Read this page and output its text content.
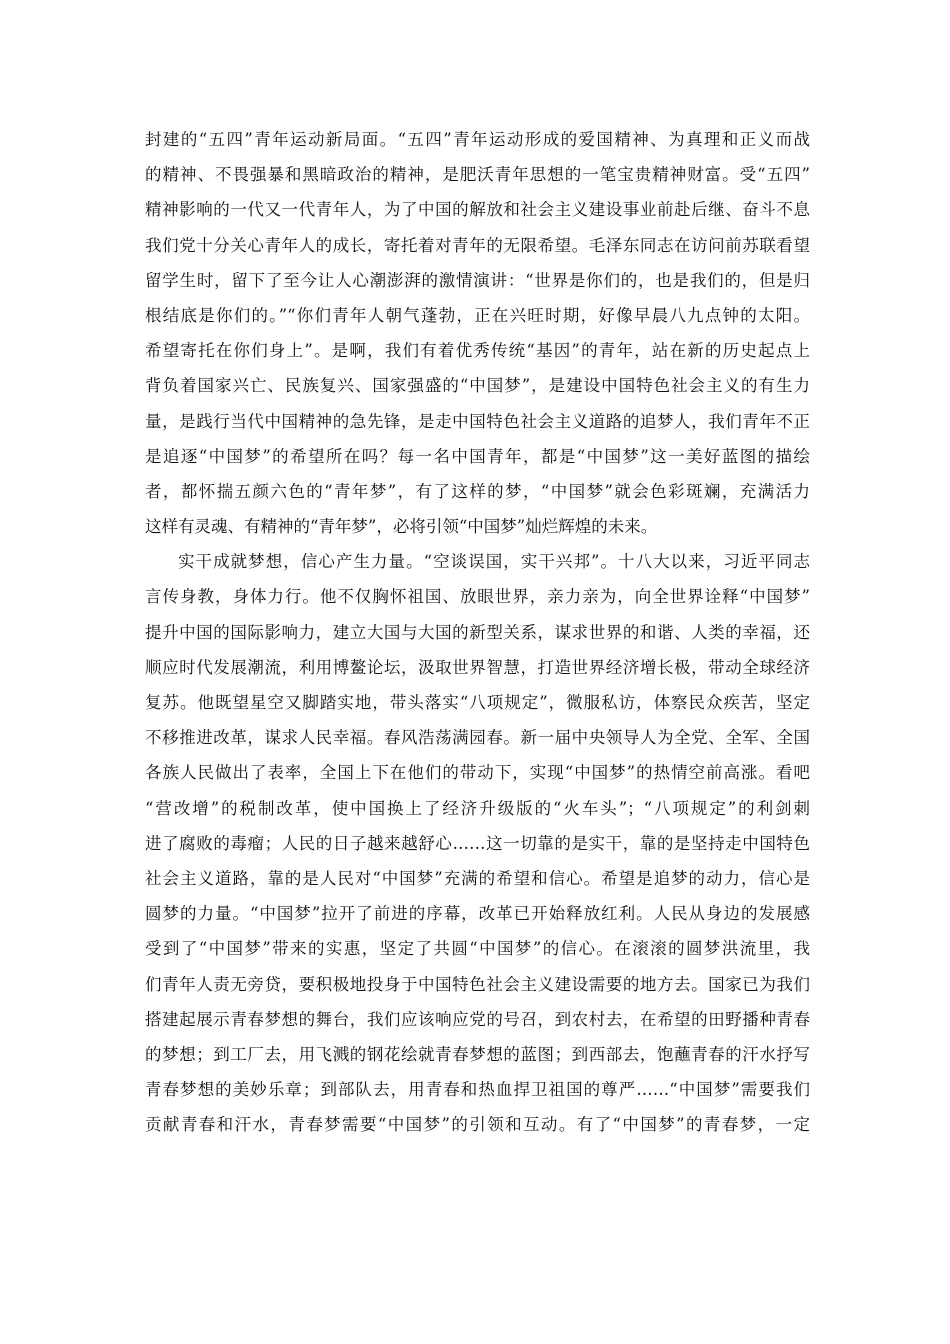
封建的“五四”青年运动新局面。“五四”青年运动形成的爱国精神、为真理和正义而战
的精神、不畏强暴和黑暗政治的精神，是肥沃青年思想的一笔宝贵精神财富。受“五四”
精神影响的一代又一代青年人，为了中国的解放和社会主义建设事业前赴后继、奋斗不息
我们党十分关心青年人的成长，寄托着对青年的无限希望。毛泽东同志在访问前苏联看望
留学生时，留下了至今让人心潮澎湃的激情演讲：“世界是你们的，也是我们的，但是归
根结底是你们的。”“你们青年人朝气蓬勃，正在兴旺时期，好像早晨八九点钟的太阳。
希望寄托在你们身上”。是啊，我们有着优秀传统“基因”的青年，站在新的历史起点上
背负着国家兴亡、民族复兴、国家强盛的“中国梦”，是建设中国特色社会主义的有生力
量，是践行当代中国精神的急先锋，是走中国特色社会主义道路的追梦人，我们青年不正
是追逐“中国梦”的希望所在吗？每一名中国青年，都是“中国梦”这一美好蓝图的描绘
者，都怀揣五颜六色的“青年梦”，有了这样的梦，“中国梦”就会色彩斑斓，充满活力
这样有灵魂、有精神的“青年梦”，必将引领“中国梦”灿烂辉煌的未来。
实干成就梦想，信心产生力量。“空谈误国，实干兴邦”。十八大以来，习近平同志
言传身教，身体力行。他不仅胸怀祖国、放眼世界，亲力亲为，向全世界诠释“中国梦”
提升中国的国际影响力，建立大国与大国的新型关系，谋求世界的和谐、人类的幸福，还
顺应时代发展潮流，利用博鳌论坛，汲取世界智慧，打造世界经济增长极，带动全球经济
复苏。他既望星空又脚踏实地，带头落实“八项规定”，微服私访，体察民众疾苦，坚定
不移推进改革，谋求人民幸福。春风浩荡满园春。新一届中央领导人为全党、全军、全国
各族人民做出了表率，全国上下在他们的带动下，实现“中国梦”的热情空前高涨。看吧
“营改增”的税制改革，使中国换上了经济升级版的“火车头”；“八项规定”的利剑刺
进了腐败的毒瘤；人民的日子越来越舒心……这一切靠的是实干，靠的是坚持走中国特色
社会主义道路，靠的是人民对“中国梦”充满的希望和信心。希望是追梦的动力，信心是
圆梦的力量。“中国梦”拉开了前进的序幕，改革已开始释放红利。人民从身边的发展感
受到了“中国梦”带来的实惠，坚定了共圆“中国梦”的信心。在滚滚的圆梦洪流里，我
们青年人责无旁贷，要积极地投身于中国特色社会主义建设需要的地方去。国家已为我们
搭建起展示青春梦想的舞台，我们应该响应党的号召，到农村去，在希望的田野播种青春
的梦想；到工厂去，用飞溅的钢花绘就青春梦想的蓝图；到西部去，饱蘸青春的汗水抒写
青春梦想的美妙乐章；到部队去，用青春和热血捍卫祖国的尊严……“中国梦”需要我们
贡献青春和汗水，青春梦需要“中国梦”的引领和互动。有了“中国梦”的青春梦，一定
